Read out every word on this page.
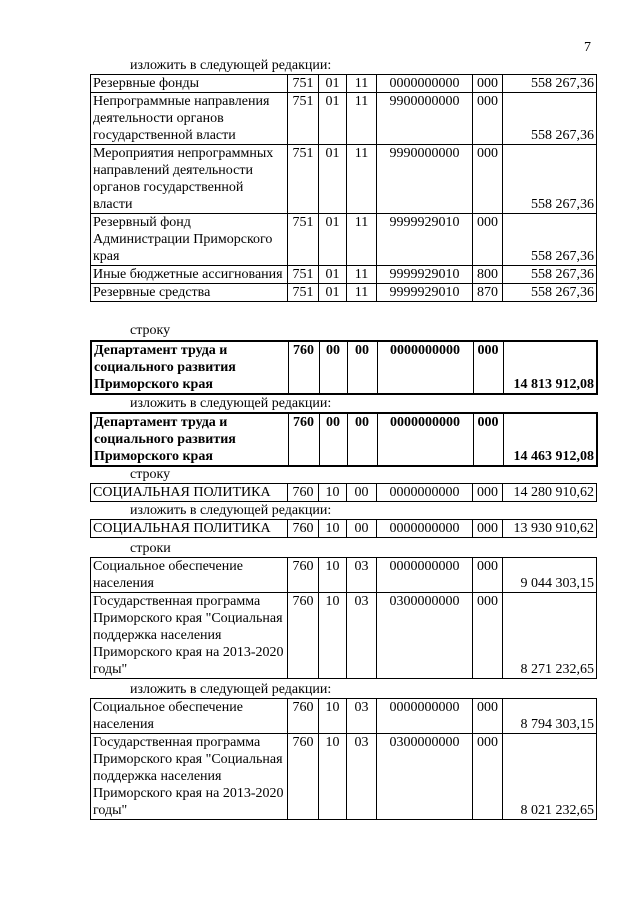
7
изложить в следующей редакции:
Резервные фонды	751	01	11	0000000000	000	558 267,36
Непрограммные направления деятельности органов государственной власти	751	01	11	9900000000	000	558 267,36
Мероприятия непрограммных направлений деятельности органов государственной власти	751	01	11	9990000000	000	558 267,36
Резервный фонд Администрации Приморского края	751	01	11	9999929010	000	558 267,36
Иные бюджетные ассигнования	751	01	11	9999929010	800	558 267,36
Резервные средства	751	01	11	9999929010	870	558 267,36
строку
Департамент труда и социального развития Приморского края	760	00	00	0000000000	000	14 813 912,08
изложить в следующей редакции:
Департамент труда и социального развития Приморского края	760	00	00	0000000000	000	14 463 912,08
строку
СОЦИАЛЬНАЯ ПОЛИТИКА	760	10	00	0000000000	000	14 280 910,62
изложить в следующей редакции:
СОЦИАЛЬНАЯ ПОЛИТИКА	760	10	00	0000000000	000	13 930 910,62
строки
Социальное обеспечение населения	760	10	03	0000000000	000	9 044 303,15
Государственная программа Приморского края "Социальная поддержка населения Приморского края на 2013-2020 годы"	760	10	03	0300000000	000	8 271 232,65
изложить в следующей редакции:
Социальное обеспечение населения	760	10	03	0000000000	000	8 794 303,15
Государственная программа Приморского края "Социальная поддержка населения Приморского края на 2013-2020 годы"	760	10	03	0300000000	000	8 021 232,65
